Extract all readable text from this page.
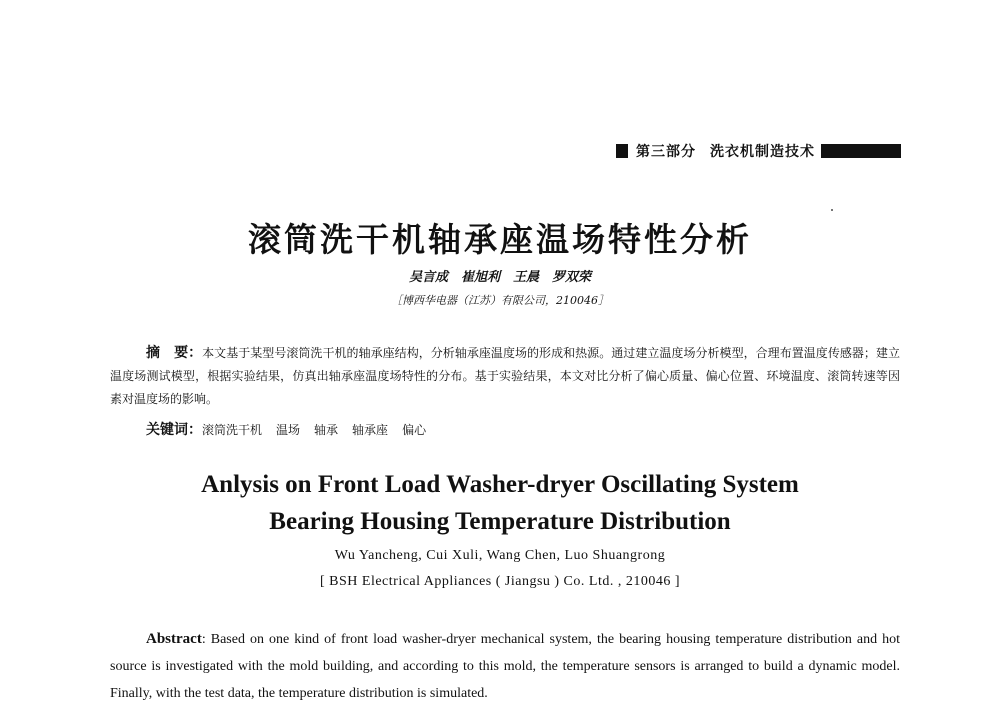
第三部分 洗衣机制造技术
滚筒洗干机轴承座温场特性分析
吴言成　崔旭利　王晨　罗双荣
［博西华电器（江苏）有限公司，210046］
摘　要：本文基于某型号滚筒洗干机的轴承座结构，分析轴承座温度场的形成和热源。通过建立温度场分析模型，合理布置温度传感器；建立温度场测试模型，根据实验结果，仿真出轴承座温度场特性的分布。基于实验结果，本文对比分析了偏心质量、偏心位置、环境温度、滚筒转速等因素对温度场的影响。
关键词：滚筒洗干机 温场 轴承 轴承座 偏心
Anlysis on Front Load Washer-dryer Oscillating System
Bearing Housing Temperature Distribution
Wu Yancheng, Cui Xuli, Wang Chen, Luo Shuangrong
[ BSH Electrical Appliances ( Jiangsu ) Co. Ltd. , 210046 ]
Abstract: Based on one kind of front load washer-dryer mechanical system, the bearing housing temperature distribution and hot source is investigated with the mold building, and according to this mold, the temperature sensors is arranged to build a dynamic model. Finally, with the test data, the temperature distribution is simulated.
